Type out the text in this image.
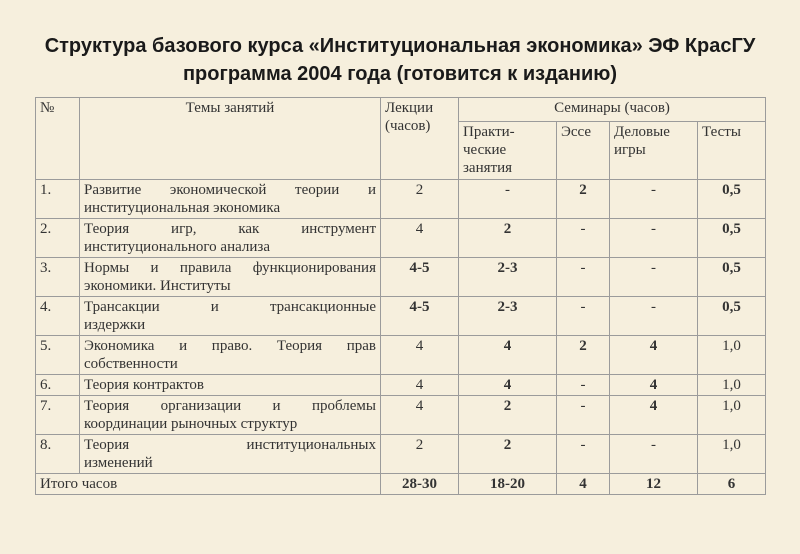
Структура базового курса «Институциональная экономика» ЭФ КрасГУ
программа 2004 года (готовится к изданию)
№	Темы занятий	Лекции (часов)	Семинары (часов)			
			Практи- ческие занятия	Эссе	Деловые игры	Тесты
1.	Развитие экономической теории и
институциональная экономика	2	-	2	-	0,5
2.	Теория игр, как инструмент
институционального анализа	4	2	-	-	0,5
3.	Нормы и правила функционирования
экономики. Институты	4-5	2-3	-	-	0,5
4.	Трансакции и трансакционные
издержки	4-5	2-3	-	-	0,5
5.	Экономика и право. Теория прав
собственности	4	4	2	4	1,0
6.	Теория контрактов	4	4	-	4	1,0
7.	Теория организации и проблемы
координации рыночных структур	4	2	-	4	1,0
8.	Теория институциональных
изменений	2	2	-	-	1,0
Итого часов		28-30	18-20	4	12	6
